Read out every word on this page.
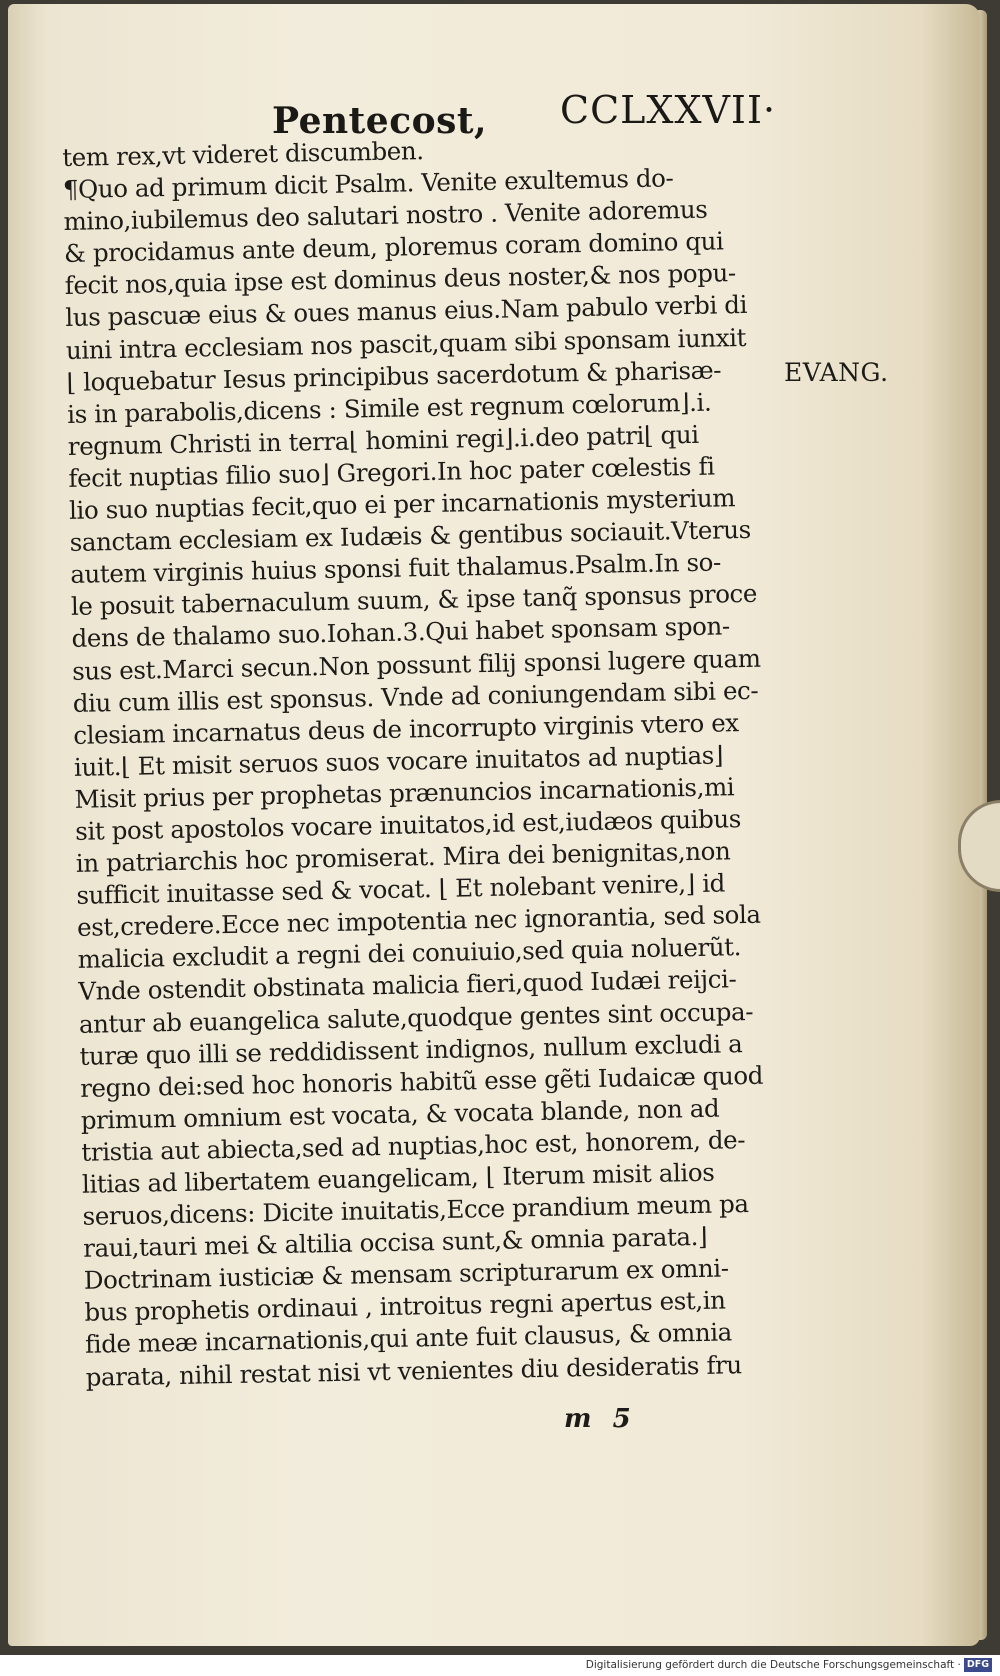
Pentecost, CCLXXVII·
EVANG.
tem rex,vt videret discumben.
¶Quo ad primum dicit Psalm. Venite exultemus do-
mino,iubilemus deo salutari nostro . Venite adoremus
& procidamus ante deum, ploremus coram domino qui
fecit nos,quia ipse est dominus deus noster,& nos popu-
lus pascuæ eius & oues manus eius.Nam pabulo verbi di
uini intra ecclesiam nos pascit,quam sibi sponsam iunxit
⌊ loquebatur Iesus principibus sacerdotum & pharisæ-
is in parabolis,dicens : Simile est regnum cœlorum⌋.i.
regnum Christi in terra⌊ homini regi⌋.i.deo patri⌊ qui
fecit nuptias filio suo⌋ Gregori.In hoc pater cœlestis fi
lio suo nuptias fecit,quo ei per incarnationis mysterium
sanctam ecclesiam ex Iudæis & gentibus sociauit.Vterus
autem virginis huius sponsi fuit thalamus.Psalm.In so-
le posuit tabernaculum suum, & ipse tanq̃ sponsus proce
dens de thalamo suo.Iohan.3.Qui habet sponsam spon-
sus est.Marci secun.Non possunt filij sponsi lugere quam
diu cum illis est sponsus. Vnde ad coniungendam sibi ec-
clesiam incarnatus deus de incorrupto virginis vtero ex
iuit.⌊ Et misit seruos suos vocare inuitatos ad nuptias⌋
Misit prius per prophetas prænuncios incarnationis,mi
sit post apostolos vocare inuitatos,id est,iudæos quibus
in patriarchis hoc promiserat. Mira dei benignitas,non
sufficit inuitasse sed & vocat. ⌊ Et nolebant venire,⌋ id
est,credere.Ecce nec impotentia nec ignorantia, sed sola
malicia excludit a regni dei conuiuio,sed quia noluerũt.
Vnde ostendit obstinata malicia fieri,quod Iudæi reijci-
antur ab euangelica salute,quodque gentes sint occupa-
turæ quo illi se reddidissent indignos, nullum excludi a
regno dei:sed hoc honoris habitũ esse gẽti Iudaicæ quod
primum omnium est vocata, & vocata blande, non ad
tristia aut abiecta,sed ad nuptias,hoc est, honorem, de-
litias ad libertatem euangelicam, ⌊ Iterum misit alios
seruos,dicens: Dicite inuitatis,Ecce prandium meum pa
raui,tauri mei & altilia occisa sunt,& omnia parata.⌋
Doctrinam iusticiæ & mensam scripturarum ex omni-
bus prophetis ordinaui , introitus regni apertus est,in
fide meæ incarnationis,qui ante fuit clausus, & omnia
parata, nihil restat nisi vt venientes diu desideratis fru
m 5
Digitalisierung gefördert durch die Deutsche Forschungsgemeinschaft · DFG
